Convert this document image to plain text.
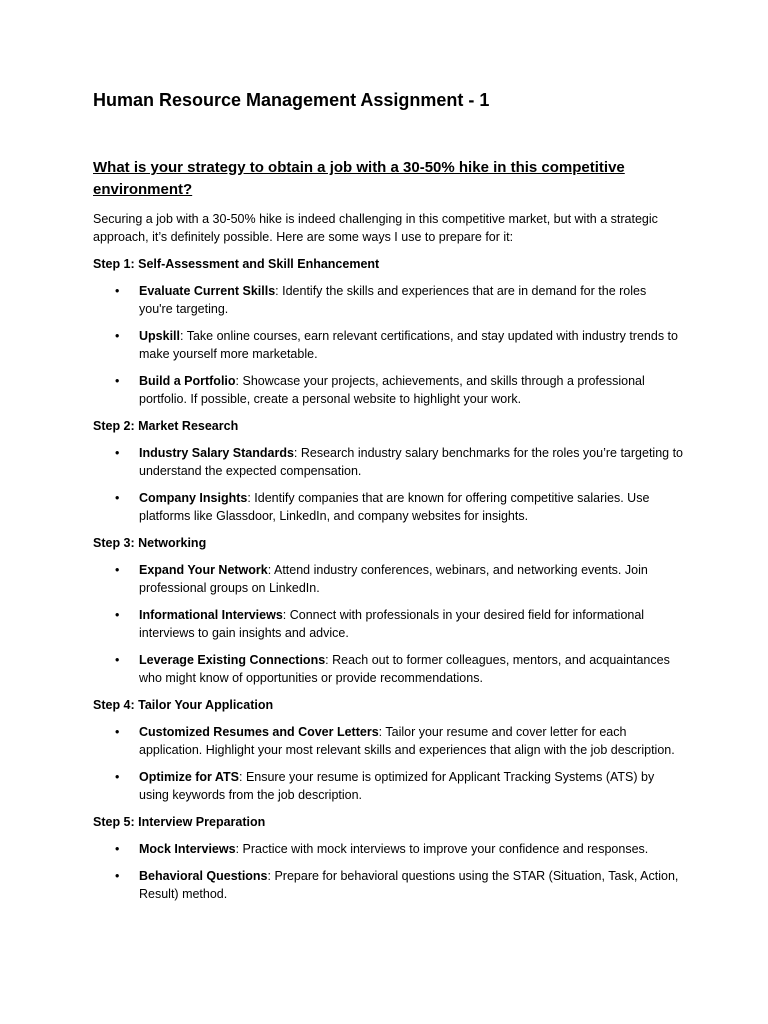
Human Resource Management Assignment - 1
What is your strategy to obtain a job with a 30-50% hike in this competitive environment?

Securing a job with a 30-50% hike is indeed challenging in this competitive market, but with a strategic approach, it’s definitely possible. Here are some ways I use to prepare for it:

Step 1: Self-Assessment and Skill Enhancement
• Evaluate Current Skills: Identify the skills and experiences that are in demand for the roles you're targeting.
• Upskill: Take online courses, earn relevant certifications, and stay updated with industry trends to make yourself more marketable.
• Build a Portfolio: Showcase your projects, achievements, and skills through a professional portfolio. If possible, create a personal website to highlight your work.
Step 2: Market Research
• Industry Salary Standards: Research industry salary benchmarks for the roles you’re targeting to understand the expected compensation.
• Company Insights: Identify companies that are known for offering competitive salaries. Use platforms like Glassdoor, LinkedIn, and company websites for insights.
Step 3: Networking
• Expand Your Network: Attend industry conferences, webinars, and networking events. Join professional groups on LinkedIn.
• Informational Interviews: Connect with professionals in your desired field for informational interviews to gain insights and advice.
• Leverage Existing Connections: Reach out to former colleagues, mentors, and acquaintances who might know of opportunities or provide recommendations.
Step 4: Tailor Your Application
• Customized Resumes and Cover Letters: Tailor your resume and cover letter for each application. Highlight your most relevant skills and experiences that align with the job description.
• Optimize for ATS: Ensure your resume is optimized for Applicant Tracking Systems (ATS) by using keywords from the job description.
Step 5: Interview Preparation
• Mock Interviews: Practice with mock interviews to improve your confidence and responses.
• Behavioral Questions: Prepare for behavioral questions using the STAR (Situation, Task, Action, Result) method.
